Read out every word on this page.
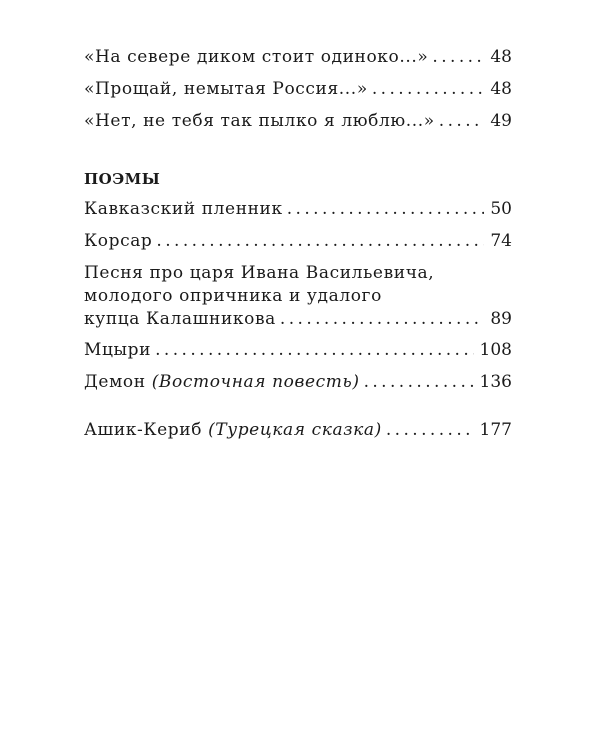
«На севере диком стоит одиноко...» . . .	48
«Прощай, немытая Россия...» . . .	48
«Нет, не тебя так пылко я люблю...» . . .	49
ПОЭМЫ
Кавказский пленник . . .	50
Корсар . . .	74
Песня про царя Ивана Васильевича,
молодого опричника и удалого
купца Калашникова . . .	89
Мцыри . . .	108
Демон (Восточная повесть) . . .	136
Ашик-Кериб (Турецкая сказка) . . .	177
